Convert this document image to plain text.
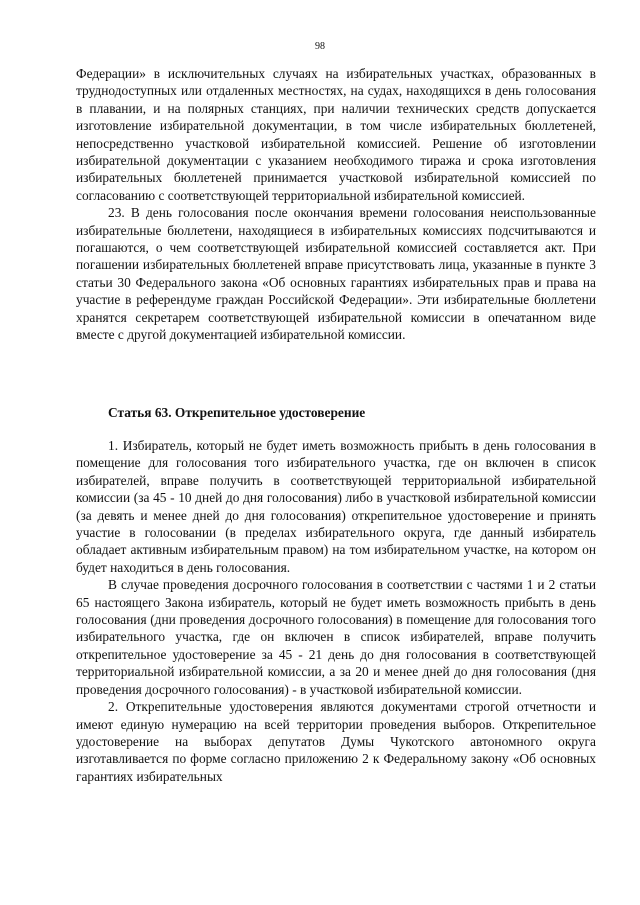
98

Федерации» в исключительных случаях на избирательных участках, образованных в труднодоступных или отдаленных местностях, на судах, находящихся в день голосования в плавании, и на полярных станциях, при наличии технических средств допускается изготовление избирательной документации, в том числе избирательных бюллетеней, непосредственно участковой избирательной комиссией. Решение об изготовлении избирательной документации с указанием необходимого тиража и срока изготовления избирательных бюллетеней принимается участковой избирательной комиссией по согласованию с соответствующей территориальной избирательной комиссией.

23. В день голосования после окончания времени голосования неиспользованные избирательные бюллетени, находящиеся в избирательных комиссиях подсчитываются и погашаются, о чем соответствующей избирательной комиссией составляется акт. При погашении избирательных бюллетеней вправе присутствовать лица, указанные в пункте 3 статьи 30 Федерального закона «Об основных гарантиях избирательных прав и права на участие в референдуме граждан Российской Федерации». Эти избирательные бюллетени хранятся секретарем соответствующей избирательной комиссии в опечатанном виде вместе с другой документацией избирательной комиссии.

Статья 63. Открепительное удостоверение

1. Избиратель, который не будет иметь возможность прибыть в день голосования в помещение для голосования того избирательного участка, где он включен в список избирателей, вправе получить в соответствующей территориальной избирательной комиссии (за 45 - 10 дней до дня голосования) либо в участковой избирательной комиссии (за девять и менее дней до дня голосования) открепительное удостоверение и принять участие в голосовании (в пределах избирательного округа, где данный избиратель обладает активным избирательным правом) на том избирательном участке, на котором он будет находиться в день голосования.

В случае проведения досрочного голосования в соответствии с частями 1 и 2 статьи 65 настоящего Закона избиратель, который не будет иметь возможность прибыть в день голосования (дни проведения досрочного голосования) в помещение для голосования того избирательного участка, где он включен в список избирателей, вправе получить открепительное удостоверение за 45 - 21 день до дня голосования в соответствующей территориальной избирательной комиссии, а за 20 и менее дней до дня голосования (дня проведения досрочного голосования) - в участковой избирательной комиссии.

2. Открепительные удостоверения являются документами строгой отчетности и имеют единую нумерацию на всей территории проведения выборов. Открепительное удостоверение на выборах депутатов Думы Чукотского автономного округа изготавливается по форме согласно приложению 2 к Федеральному закону «Об основных гарантиях избирательных
